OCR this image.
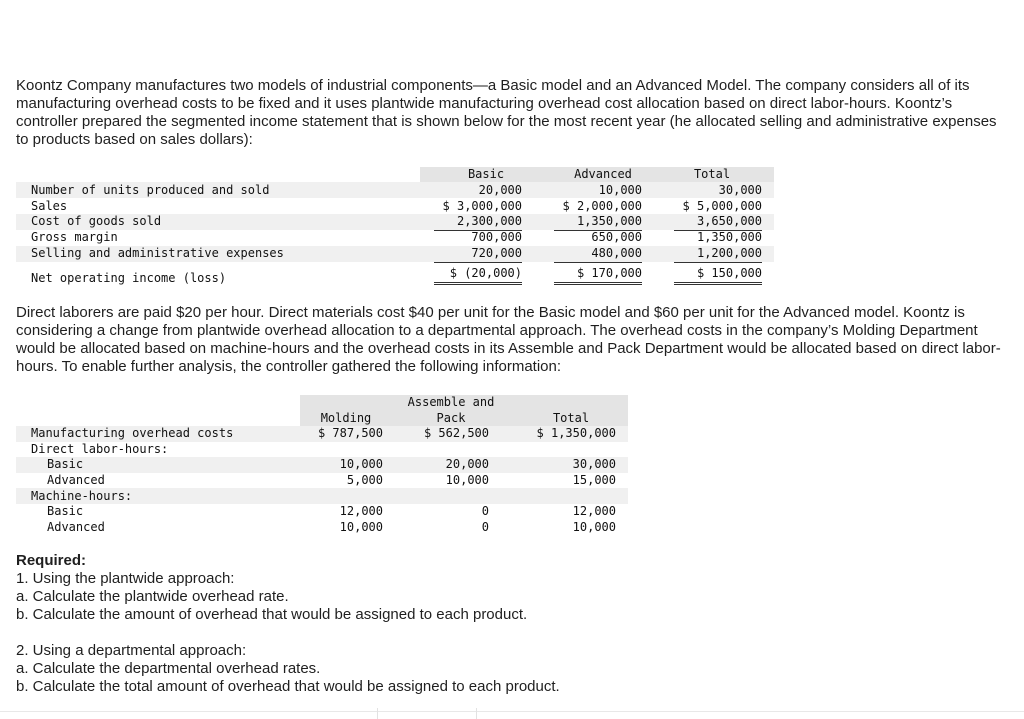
Koontz Company manufactures two models of industrial components—a Basic model and an Advanced Model. The company considers all of its manufacturing overhead costs to be fixed and it uses plantwide manufacturing overhead cost allocation based on direct labor-hours. Koontz’s controller prepared the segmented income statement that is shown below for the most recent year (he allocated selling and administrative expenses to products based on sales dollars):

Basic	Advanced	Total
Number of units produced and sold	20,000	10,000	30,000
Sales	$ 3,000,000	$ 2,000,000	$ 5,000,000
Cost of goods sold	2,300,000	1,350,000	3,650,000
Gross margin	700,000	650,000	1,350,000
Selling and administrative expenses	720,000	480,000	1,200,000
Net operating income (loss)	$ (20,000)	$ 170,000	$ 150,000

Direct laborers are paid $20 per hour. Direct materials cost $40 per unit for the Basic model and $60 per unit for the Advanced model. Koontz is considering a change from plantwide overhead allocation to a departmental approach. The overhead costs in the company’s Molding Department would be allocated based on machine-hours and the overhead costs in its Assemble and Pack Department would be allocated based on direct labor-hours. To enable further analysis, the controller gathered the following information:

Molding
Assemble and
Pack	Total
Manufacturing overhead costs	$ 787,500	$ 562,500	$ 1,350,000
Direct labor-hours:
Basic	10,000	20,000	30,000
Advanced	5,000	10,000	15,000
Machine-hours:
Basic	12,000	0	12,000
Advanced	10,000	0	10,000
Required:
1. Using the plantwide approach:
a. Calculate the plantwide overhead rate.
b. Calculate the amount of overhead that would be assigned to each product.
2. Using a departmental approach:
a. Calculate the departmental overhead rates.
b. Calculate the total amount of overhead that would be assigned to each product.
